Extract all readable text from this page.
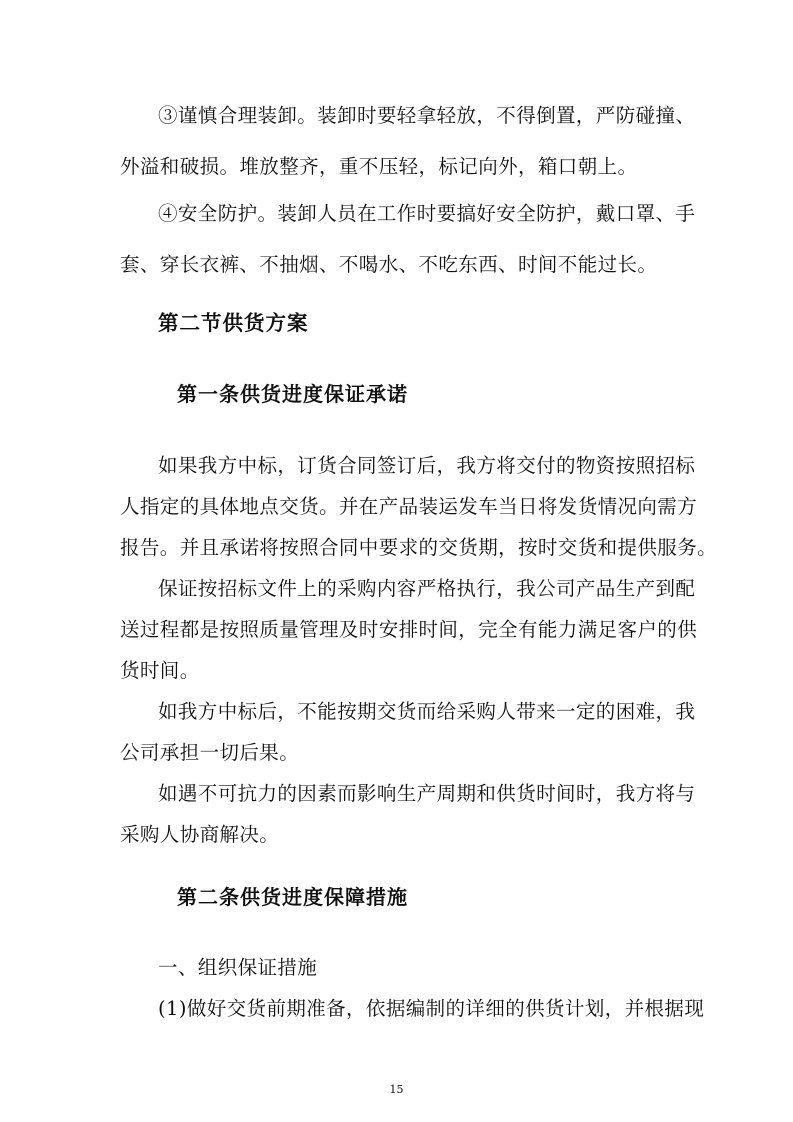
③谨慎合理装卸。装卸时要轻拿轻放，不得倒置，严防碰撞、
外溢和破损。堆放整齐，重不压轻，标记向外，箱口朝上。
④安全防护。装卸人员在工作时要搞好安全防护，戴口罩、手
套、穿长衣裤、不抽烟、不喝水、不吃东西、时间不能过长。
第二节供货方案
第一条供货进度保证承诺
如果我方中标，订货合同签订后，我方将交付的物资按照招标
人指定的具体地点交货。并在产品装运发车当日将发货情况向需方
报告。并且承诺将按照合同中要求的交货期，按时交货和提供服务。
保证按招标文件上的采购内容严格执行，我公司产品生产到配
送过程都是按照质量管理及时安排时间，完全有能力满足客户的供
货时间。
如我方中标后，不能按期交货而给采购人带来一定的困难，我
公司承担一切后果。
如遇不可抗力的因素而影响生产周期和供货时间时，我方将与
采购人协商解决。
第二条供货进度保障措施
一、组织保证措施
(1)做好交货前期准备，依据编制的详细的供货计划，并根据现
15
